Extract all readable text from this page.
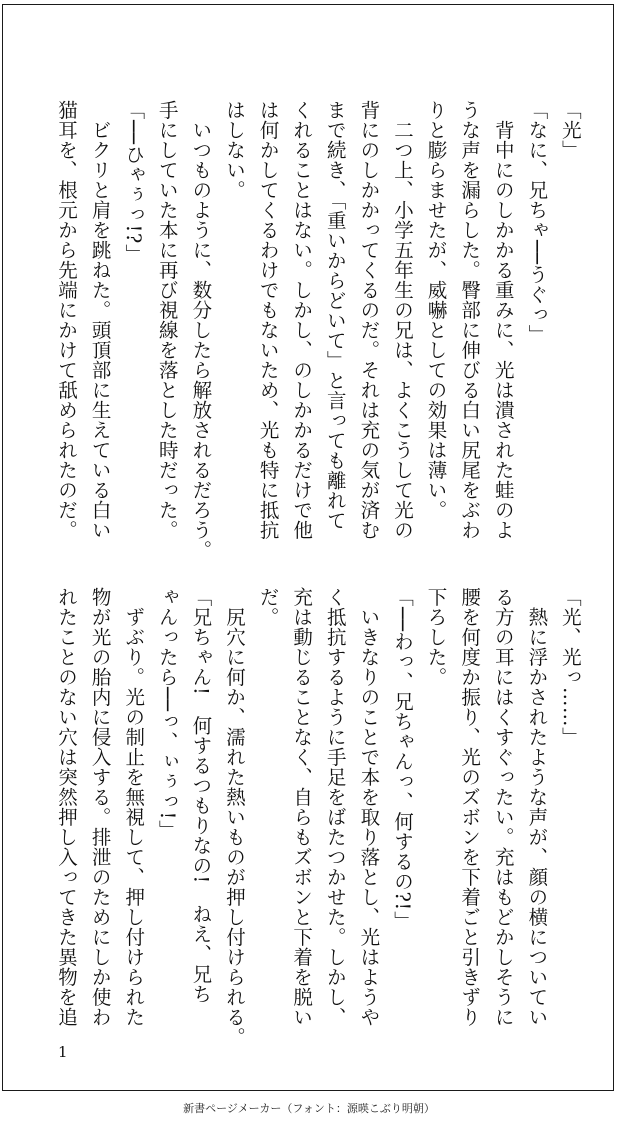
「光」
「なに、兄ちゃ──うぐっ」
　背中にのしかかる重みに、光は潰された蛙のよ
うな声を漏らした。臀部に伸びる白い尻尾をぶわ
りと膨らませたが、威嚇としての効果は薄い。
　二つ上、小学五年生の兄は、よくこうして光の
背にのしかかってくるのだ。それは充の気が済む
まで続き、「重いからどいて」と言っても離れて
くれることはない。しかし、のしかかるだけで他
は何かしてくるわけでもないため、光も特に抵抗
はしない。
　いつものように、数分したら解放されるだろう。
手にしていた本に再び視線を落とした時だった。
「──ひゃぅっ!?」
　ビクリと肩を跳ねた。頭頂部に生えている白い
猫耳を、根元から先端にかけて舐められたのだ。
「光、光っ……」
　熱に浮かされたような声が、顔の横についてい
る方の耳にはくすぐったい。充はもどかしそうに
腰を何度か振り、光のズボンを下着ごと引きずり
下ろした。
「──わっ、兄ちゃんっ、何するの?!」
　いきなりのことで本を取り落とし、光はようや
く抵抗するように手足をばたつかせた。しかし、
充は動じることなく、自らもズボンと下着を脱い
だ。
　尻穴に何か、濡れた熱いものが押し付けられる。
「兄ちゃん!　何するつもりなの!　ねえ、兄ち
ゃんったら──っ、ぃぅっ!」
　ずぶり。光の制止を無視して、押し付けられた
物が光の胎内に侵入する。排泄のためにしか使わ
れたことのない穴は突然押し入ってきた異物を追
1
新書ページメーカー（フォント：源暎こぶり明朝）
